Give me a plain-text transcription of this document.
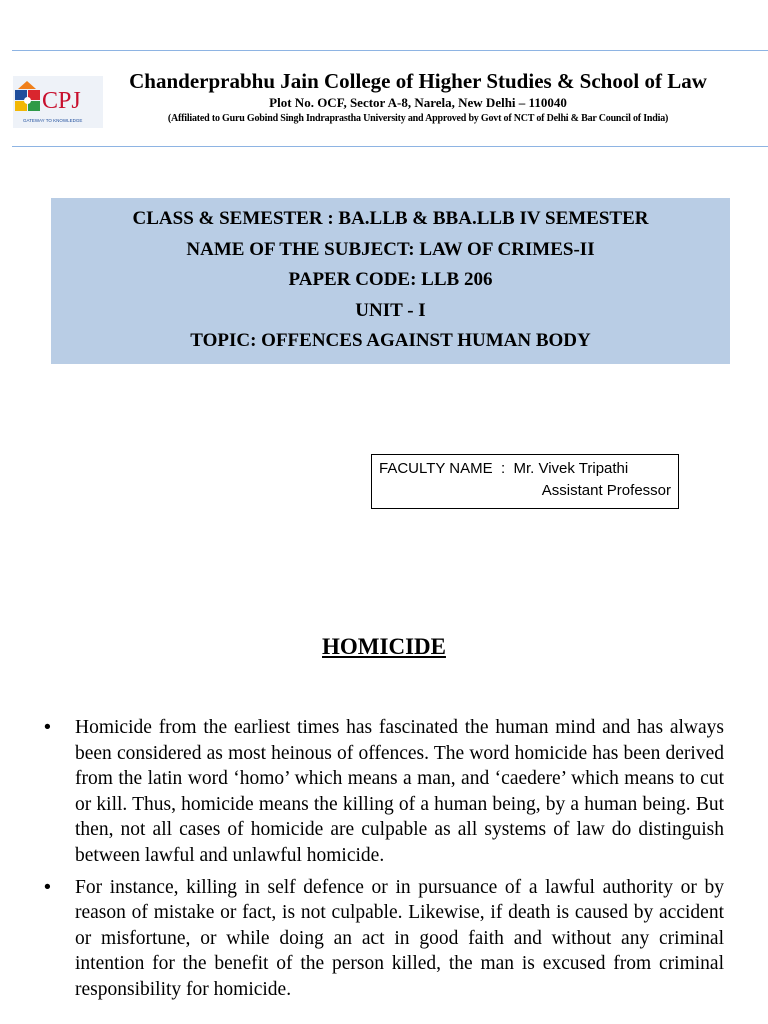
CPJ
GATEWAY TO KNOWLEDGE
Chanderprabhu Jain College of Higher Studies & School of Law
Plot No. OCF, Sector A-8, Narela, New Delhi – 110040
(Affiliated to Guru Gobind Singh Indraprastha University and Approved by Govt of NCT of Delhi & Bar Council of India)
CLASS & SEMESTER : BA.LLB & BBA.LLB IV SEMESTER
NAME OF THE SUBJECT: LAW OF CRIMES-II
PAPER CODE: LLB 206
UNIT - I
TOPIC: OFFENCES AGAINST HUMAN BODY
FACULTY NAME  :  Mr. Vivek Tripathi
Assistant Professor
HOMICIDE
• Homicide from the earliest times has fascinated the human mind and has always been considered as most heinous of offences. The word homicide has been derived from the latin word ‘homo’ which means a man, and ‘caedere’ which means to cut or kill. Thus, homicide means the killing of a human being, by a human being. But then, not all cases of homicide are culpable as all systems of law do distinguish between lawful and unlawful homicide.
• For instance, killing in self defence or in pursuance of a lawful authority or by reason of mistake or fact, is not culpable. Likewise, if death is caused by accident or misfortune, or while doing an act in good faith and without any criminal intention for the benefit of the person killed, the man is excused from criminal responsibility for homicide.
